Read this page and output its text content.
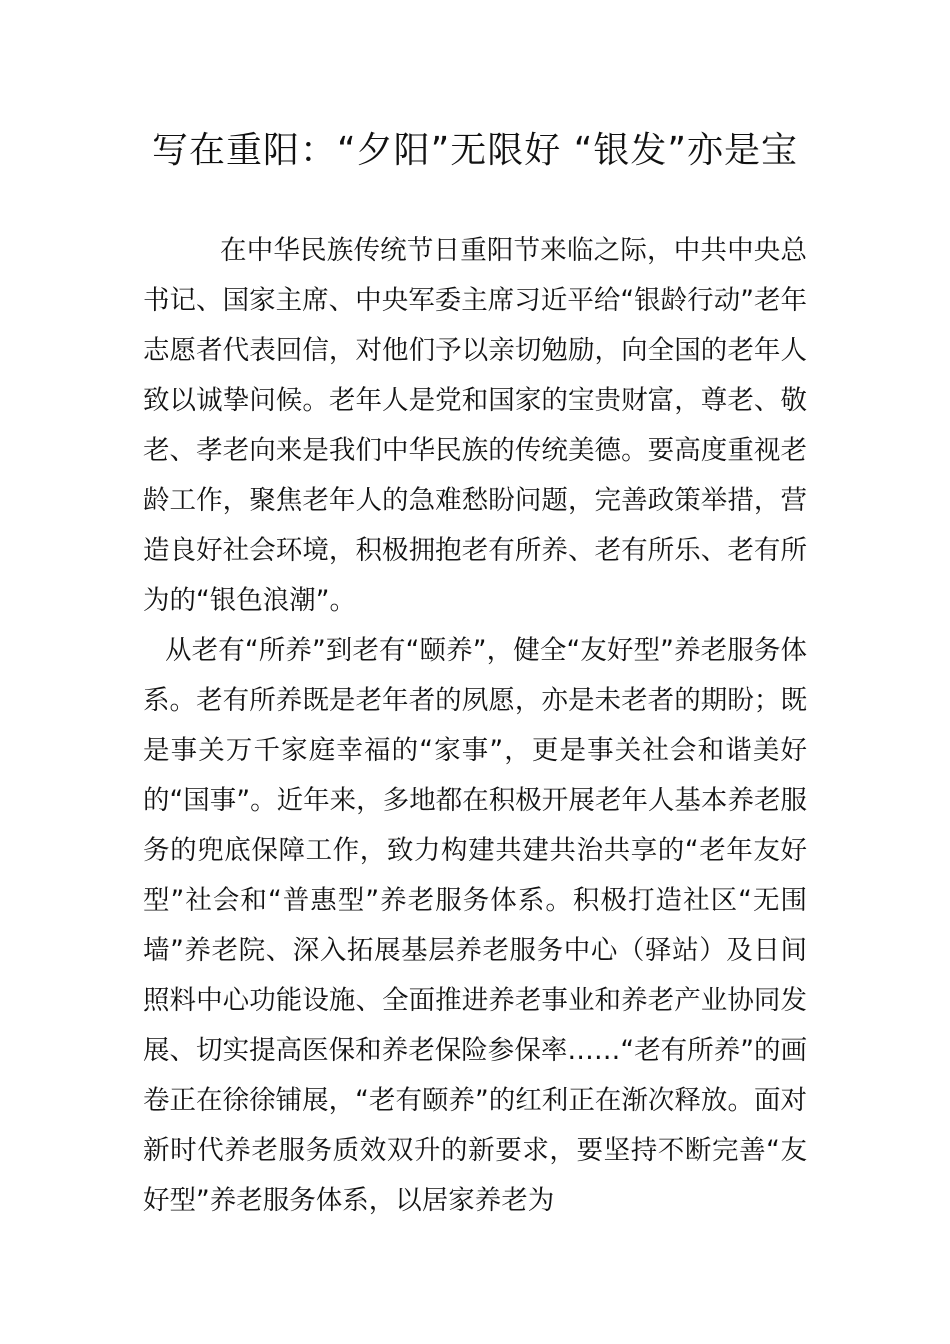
写在重阳：“夕阳”无限好 “银发”亦是宝

在中华民族传统节日重阳节来临之际，中共中央总书记、国家主席、中央军委主席习近平给“银龄行动”老年志愿者代表回信，对他们予以亲切勉励，向全国的老年人致以诚挚问候。老年人是党和国家的宝贵财富，尊老、敬老、孝老向来是我们中华民族的传统美德。要高度重视老龄工作，聚焦老年人的急难愁盼问题，完善政策举措，营造良好社会环境，积极拥抱老有所养、老有所乐、老有所为的“银色浪潮”。

从老有“所养”到老有“颐养”，健全“友好型”养老服务体系。老有所养既是老年者的夙愿，亦是未老者的期盼；既是事关万千家庭幸福的“家事”，更是事关社会和谐美好的“国事”。近年来，多地都在积极开展老年人基本养老服务的兜底保障工作，致力构建共建共治共享的“老年友好型”社会和“普惠型”养老服务体系。积极打造社区“无围墙”养老院、深入拓展基层养老服务中心（驿站）及日间照料中心功能设施、全面推进养老事业和养老产业协同发展、切实提高医保和养老保险参保率……“老有所养”的画卷正在徐徐铺展，“老有颐养”的红利正在渐次释放。面对新时代养老服务质效双升的新要求，要坚持不断完善“友好型”养老服务体系，以居家养老为
